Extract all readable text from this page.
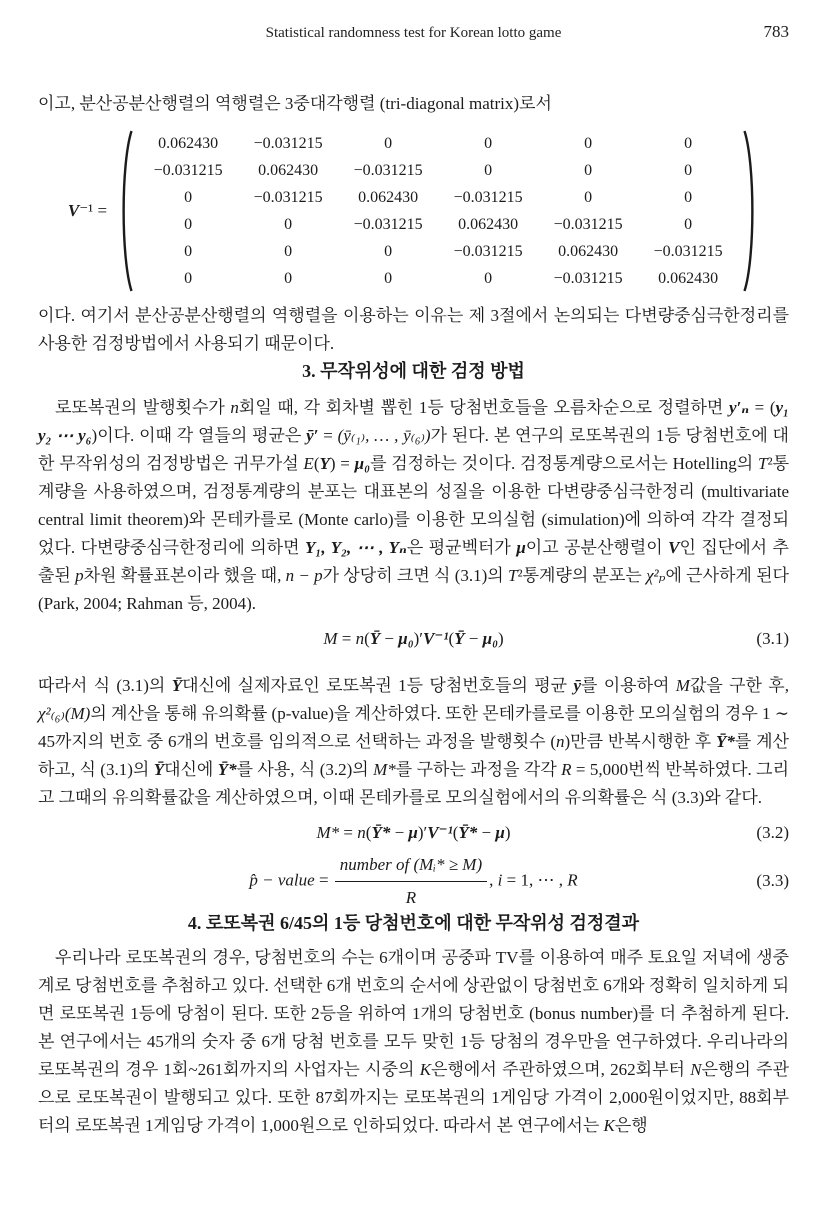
Statistical randomness test for Korean lotto game	783

이고, 분산공분산행렬의 역행렬은 3중대각행렬 (tri-diagonal matrix)로서

V⁻¹ =
0.062430	−0.031215	0	0	0	0
−0.031215	0.062430	−0.031215	0	0	0
0	−0.031215	0.062430	−0.031215	0	0
0	0	−0.031215	0.062430	−0.031215	0
0	0	0	−0.031215	0.062430	−0.031215
0	0	0	0	−0.031215	0.062430

이다. 여기서 분산공분산행렬의 역행렬을 이용하는 이유는 제 3절에서 논의되는 다변량중심극한정리를 사용한 검정방법에서 사용되기 때문이다.

3. 무작위성에 대한 검정 방법

로또복권의 발행횟수가 n회일 때, 각 회차별 뽑힌 1등 당첨번호들을 오름차순으로 정렬하면 y′ₙ = (y₁ y₂ ⋯ y₆)이다. 이때 각 열들의 평균은 ȳ′ = (ȳ₍₁₎, … , ȳ₍₆₎)가 된다. 본 연구의 로또복권의 1등 당첨번호에 대한 무작위성의 검정방법은 귀무가설 E(Y) = μ₀를 검정하는 것이다. 검정통계량으로서는 Hotelling의 T²통계량을 사용하였으며, 검정통계량의 분포는 대표본의 성질을 이용한 다변량중심극한정리 (multivariate central limit theorem)와 몬테카를로 (Monte carlo)를 이용한 모의실험 (simulation)에 의하여 각각 결정되었다. 다변량중심극한정리에 의하면 Y₁, Y₂, ⋯ , Yₙ은 평균벡터가 μ이고 공분산행렬이 V인 집단에서 추출된 p차원 확률표본이라 했을 때, n − p가 상당히 크면 식 (3.1)의 T²통계량의 분포는 χ²ₚ에 근사하게 된다 (Park, 2004; Rahman 등, 2004).

M = n(Ȳ − μ₀)′V⁻¹(Ȳ − μ₀)	(3.1)

따라서 식 (3.1)의 Ȳ대신에 실제자료인 로또복권 1등 당첨번호들의 평균 ȳ를 이용하여 M값을 구한 후, χ²₍₆₎(M)의 계산을 통해 유의확률 (p-value)을 계산하였다. 또한 몬테카를로를 이용한 모의실험의 경우 1 ∼ 45까지의 번호 중 6개의 번호를 임의적으로 선택하는 과정을 발행횟수 (n)만큼 반복시행한 후 Ȳ*를 계산하고, 식 (3.1)의 Ȳ대신에 Ȳ*를 사용, 식 (3.2)의 M*를 구하는 과정을 각각 R = 5,000번씩 반복하였다. 그리고 그때의 유의확률값을 계산하였으며, 이때 몬테카를로 모의실험에서의 유의확률은 식 (3.3)와 같다.

M* = n(Ȳ* − μ)′V⁻¹(Ȳ* − μ)	(3.2)
p̂ − value = $\frac{\text{number of (Mᵢ* ≥ M)}}{R}$ , i = 1, ⋯ , R	(3.3)
4. 로또복권 6/45의 1등 당첨번호에 대한 무작위성 검정결과

우리나라 로또복권의 경우, 당첨번호의 수는 6개이며 공중파 TV를 이용하여 매주 토요일 저녁에 생중계로 당첨번호를 추첨하고 있다. 선택한 6개 번호의 순서에 상관없이 당첨번호 6개와 정확히 일치하게 되면 로또복권 1등에 당첨이 된다. 또한 2등을 위하여 1개의 당첨번호 (bonus number)를 더 추첨하게 된다. 본 연구에서는 45개의 숫자 중 6개 당첨 번호를 모두 맞힌 1등 당첨의 경우만을 연구하였다. 우리나라의 로또복권의 경우 1회~261회까지의 사업자는 시중의 K은행에서 주관하였으며, 262회부터 N은행의 주관으로 로또복권이 발행되고 있다. 또한 87회까지는 로또복권의 1게임당 가격이 2,000원이었지만, 88회부터의 로또복권 1게임당 가격이 1,000원으로 인하되었다. 따라서 본 연구에서는 K은행
